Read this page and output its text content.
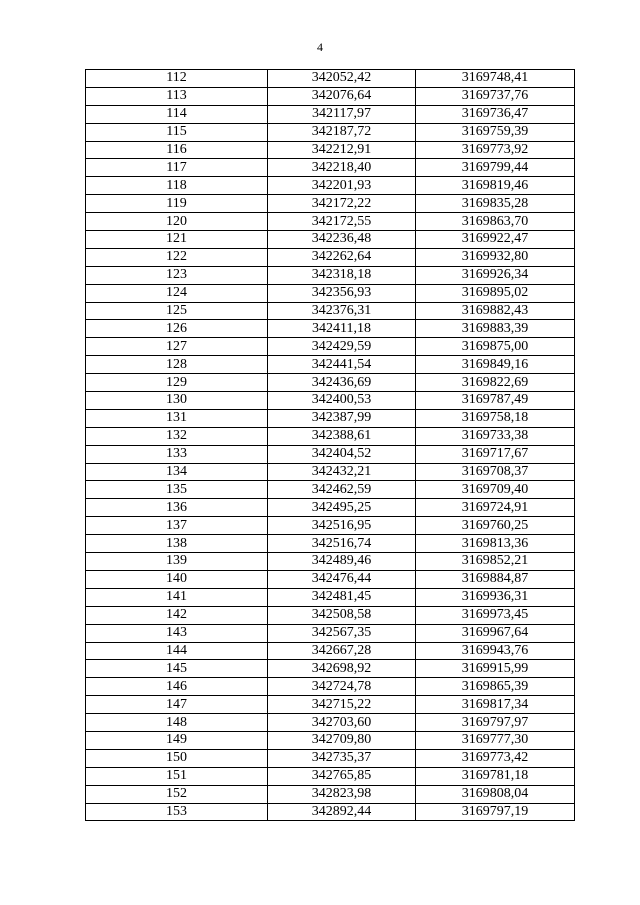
4
112	342052,42	3169748,41
113	342076,64	3169737,76
114	342117,97	3169736,47
115	342187,72	3169759,39
116	342212,91	3169773,92
117	342218,40	3169799,44
118	342201,93	3169819,46
119	342172,22	3169835,28
120	342172,55	3169863,70
121	342236,48	3169922,47
122	342262,64	3169932,80
123	342318,18	3169926,34
124	342356,93	3169895,02
125	342376,31	3169882,43
126	342411,18	3169883,39
127	342429,59	3169875,00
128	342441,54	3169849,16
129	342436,69	3169822,69
130	342400,53	3169787,49
131	342387,99	3169758,18
132	342388,61	3169733,38
133	342404,52	3169717,67
134	342432,21	3169708,37
135	342462,59	3169709,40
136	342495,25	3169724,91
137	342516,95	3169760,25
138	342516,74	3169813,36
139	342489,46	3169852,21
140	342476,44	3169884,87
141	342481,45	3169936,31
142	342508,58	3169973,45
143	342567,35	3169967,64
144	342667,28	3169943,76
145	342698,92	3169915,99
146	342724,78	3169865,39
147	342715,22	3169817,34
148	342703,60	3169797,97
149	342709,80	3169777,30
150	342735,37	3169773,42
151	342765,85	3169781,18
152	342823,98	3169808,04
153	342892,44	3169797,19
